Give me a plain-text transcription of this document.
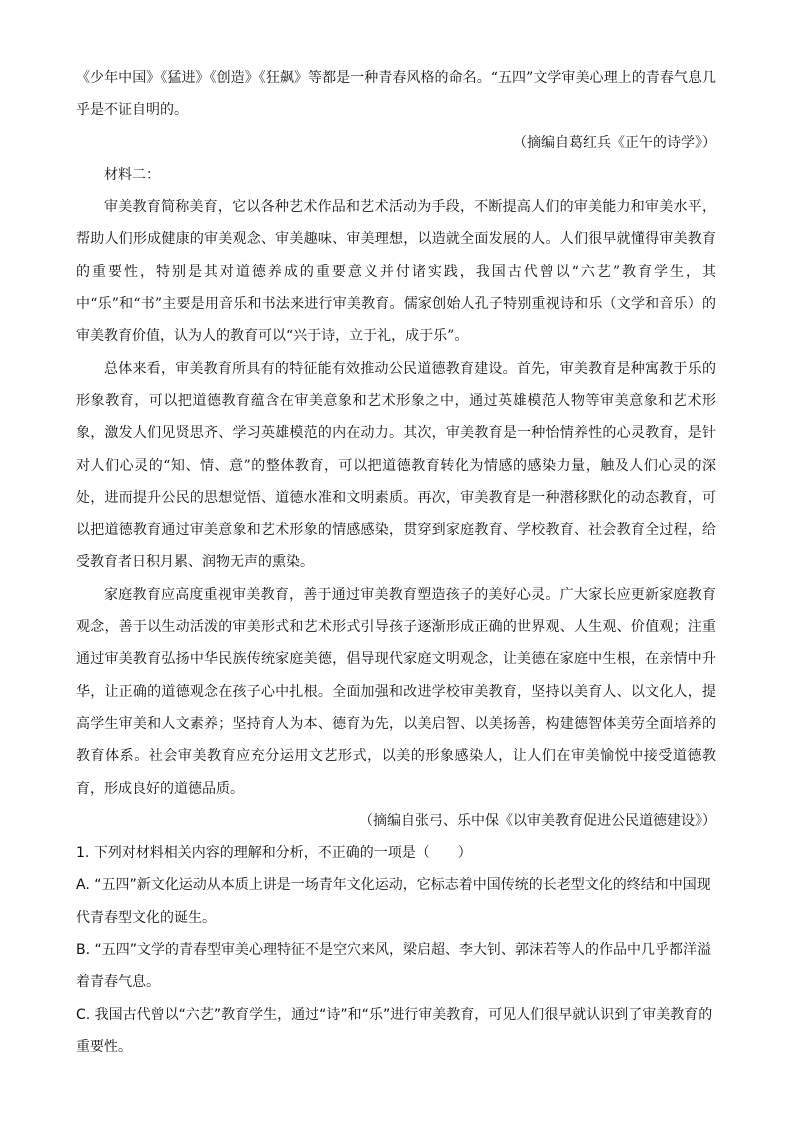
《少年中国》《猛进》《创造》《狂飙》等都是一种青春风格的命名。“五四”文学审美心理上的青春气息几乎是不证自明的。

（摘编自葛红兵《正午的诗学》）

材料二：

审美教育简称美育，它以各种艺术作品和艺术活动为手段，不断提高人们的审美能力和审美水平，帮助人们形成健康的审美观念、审美趣味、审美理想，以造就全面发展的人。人们很早就懂得审美教育的重要性，特别是其对道德养成的重要意义并付诸实践，我国古代曾以“六艺”教育学生，其中“乐”和“书”主要是用音乐和书法来进行审美教育。儒家创始人孔子特别重视诗和乐（文学和音乐）的审美教育价值，认为人的教育可以“兴于诗，立于礼，成于乐”。

总体来看，审美教育所具有的特征能有效推动公民道德教育建设。首先，审美教育是种寓教于乐的形象教育，可以把道德教育蕴含在审美意象和艺术形象之中，通过英雄模范人物等审美意象和艺术形象，激发人们见贤思齐、学习英雄模范的内在动力。其次，审美教育是一种怡情养性的心灵教育，是针对人们心灵的“知、情、意”的整体教育，可以把道德教育转化为情感的感染力量，触及人们心灵的深处，进而提升公民的思想觉悟、道德水准和文明素质。再次，审美教育是一种潜移默化的动态教育，可以把道德教育通过审美意象和艺术形象的情感感染，贯穿到家庭教育、学校教育、社会教育全过程，给受教育者日积月累、润物无声的熏染。

家庭教育应高度重视审美教育，善于通过审美教育塑造孩子的美好心灵。广大家长应更新家庭教育观念，善于以生动活泼的审美形式和艺术形式引导孩子逐渐形成正确的世界观、人生观、价值观；注重通过审美教育弘扬中华民族传统家庭美德，倡导现代家庭文明观念，让美德在家庭中生根，在亲情中升华，让正确的道德观念在孩子心中扎根。全面加强和改进学校审美教育，坚持以美育人、以文化人，提高学生审美和人文素养；坚持育人为本、德育为先，以美启智、以美扬善，构建德智体美劳全面培养的教育体系。社会审美教育应充分运用文艺形式，以美的形象感染人，让人们在审美愉悦中接受道德教育，形成良好的道德品质。

（摘编自张弓、乐中保《以审美教育促进公民道德建设》）

1. 下列对材料相关内容的理解和分析，不正确的一项是（　　）

A. “五四”新文化运动从本质上讲是一场青年文化运动，它标志着中国传统的长老型文化的终结和中国现代青春型文化的诞生。

B. “五四”文学的青春型审美心理特征不是空穴来风，梁启超、李大钊、郭沫若等人的作品中几乎都洋溢着青春气息。

C. 我国古代曾以“六艺”教育学生，通过“诗”和“乐”进行审美教育，可见人们很早就认识到了审美教育的重要性。
